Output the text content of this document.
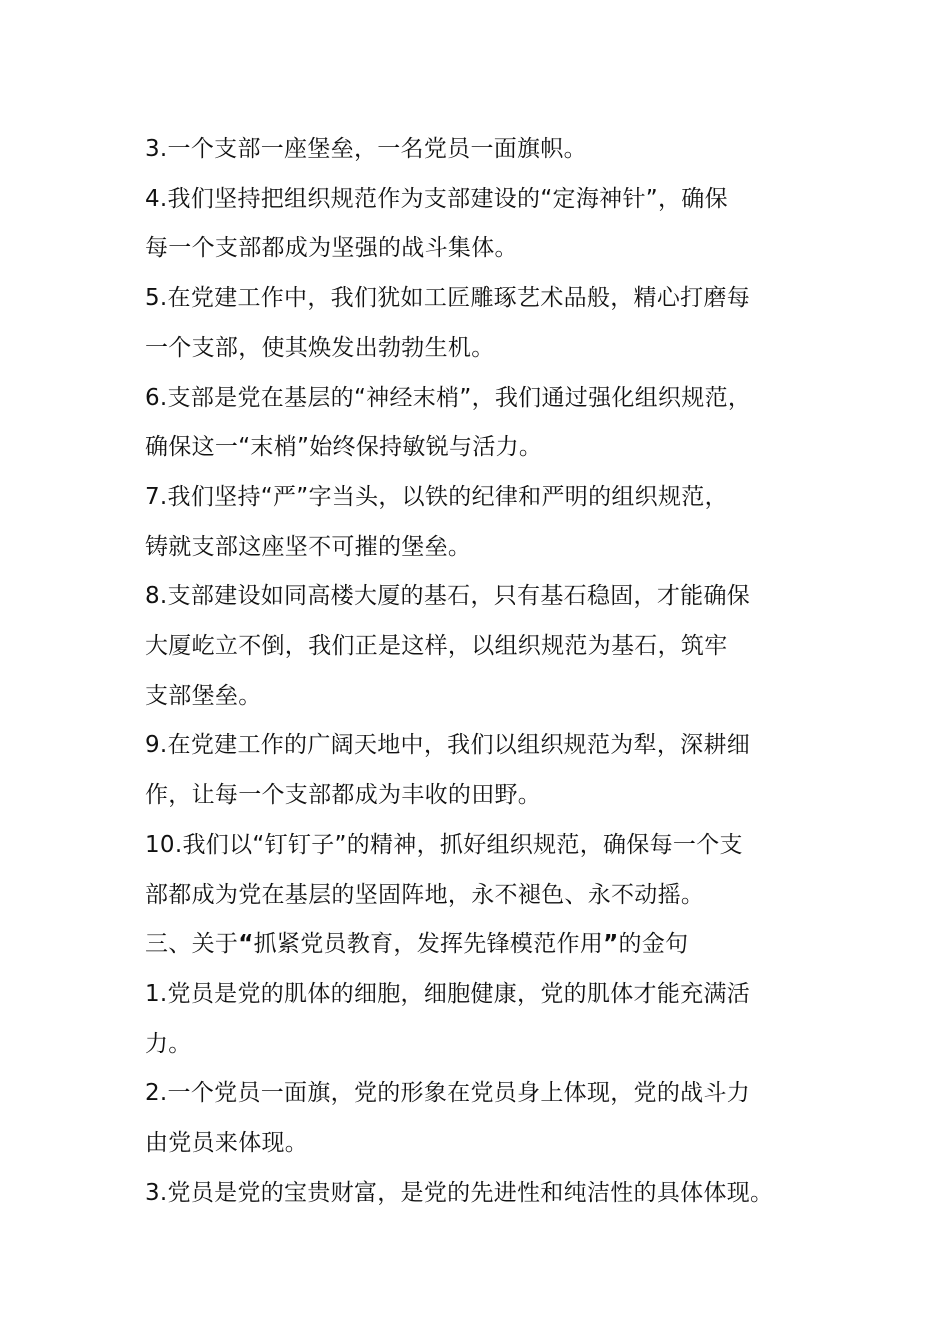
3.一个支部一座堡垒，一名党员一面旗帜。
4.我们坚持把组织规范作为支部建设的“定海神针”，确保
每一个支部都成为坚强的战斗集体。
5.在党建工作中，我们犹如工匠雕琢艺术品般，精心打磨每
一个支部，使其焕发出勃勃生机。
6.支部是党在基层的“神经末梢”，我们通过强化组织规范，
确保这一“末梢”始终保持敏锐与活力。
7.我们坚持“严”字当头，以铁的纪律和严明的组织规范，
铸就支部这座坚不可摧的堡垒。
8.支部建设如同高楼大厦的基石，只有基石稳固，才能确保
大厦屹立不倒，我们正是这样，以组织规范为基石，筑牢
支部堡垒。
9.在党建工作的广阔天地中，我们以组织规范为犁，深耕细
作，让每一个支部都成为丰收的田野。
10.我们以“钉钉子”的精神，抓好组织规范，确保每一个支
部都成为党在基层的坚固阵地，永不褪色、永不动摇。
三、关于“抓紧党员教育，发挥先锋模范作用”的金句
1.党员是党的肌体的细胞，细胞健康，党的肌体才能充满活
力。
2.一个党员一面旗，党的形象在党员身上体现，党的战斗力
由党员来体现。
3.党员是党的宝贵财富，是党的先进性和纯洁性的具体体现。
